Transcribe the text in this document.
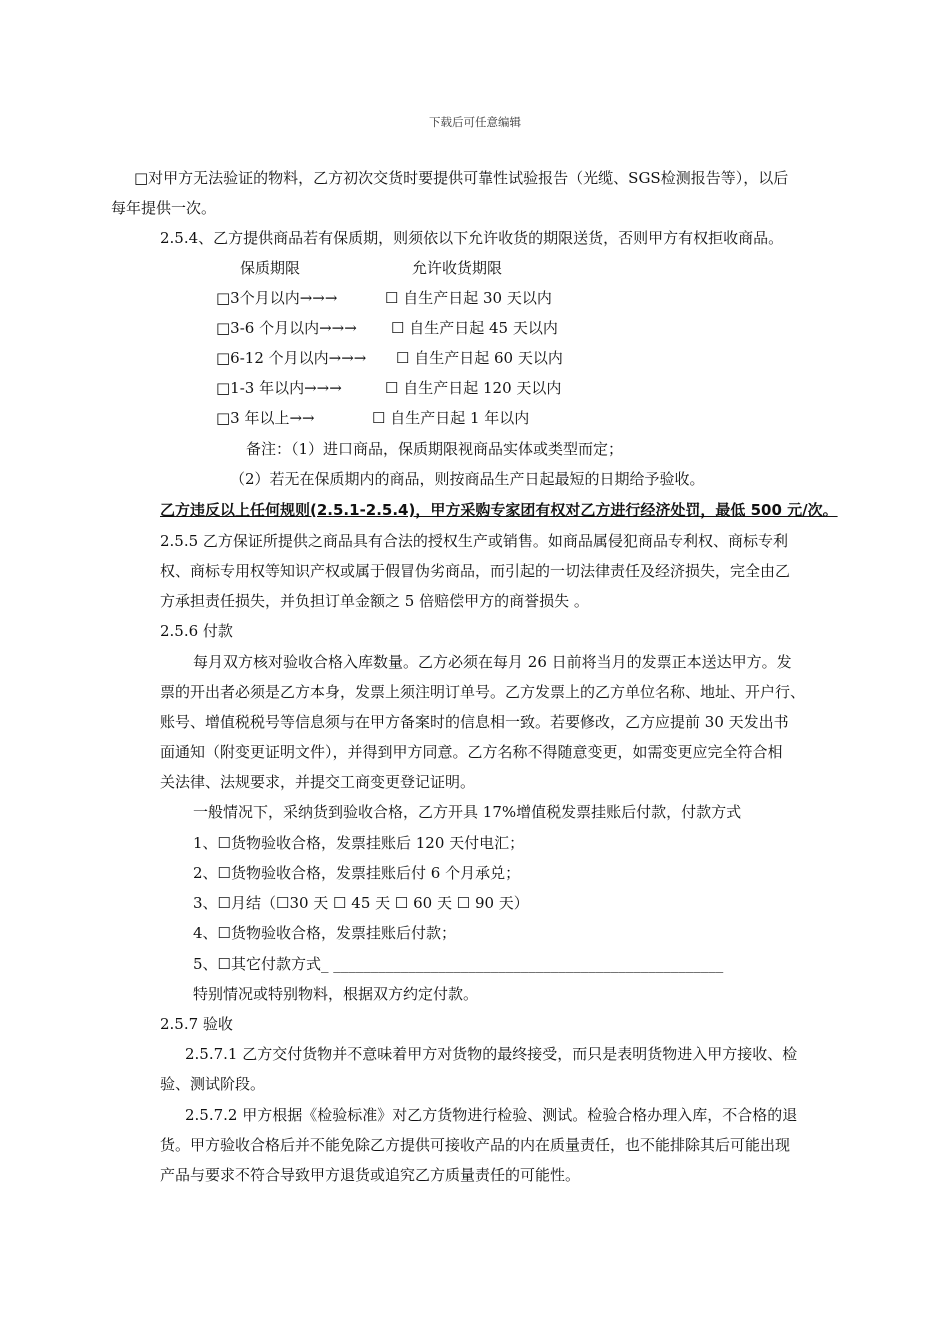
下载后可任意编辑
□对甲方无法验证的物料，乙方初次交货时要提供可靠性试验报告（光缆、SGS检测报告等），以后
每年提供一次。
2.5.4、乙方提供商品若有保质期，则须依以下允许收货的期限送货，否则甲方有权拒收商品。
保质期限	允许收货期限
□3个月以内→→→	☐ 自生产日起 30 天以内
□3-6 个月以内→→→ ☐ 自生产日起 45 天以内
□6-12 个月以内→→→ ☐ 自生产日起 60 天以内
□1-3 年以内→→→	☐ 自生产日起 120 天以内
□3 年以上→→	☐ 自生产日起 1 年以内
备注：（1）进口商品，保质期限视商品实体或类型而定；
（2）若无在保质期内的商品，则按商品生产日起最短的日期给予验收。
乙方违反以上任何规则(2.5.1-2.5.4)，甲方采购专家团有权对乙方进行经济处罚，最低 500 元/次。
2.5.5 乙方保证所提供之商品具有合法的授权生产或销售。如商品属侵犯商品专利权、商标专利
权、商标专用权等知识产权或属于假冒伪劣商品，而引起的一切法律责任及经济损失，完全由乙
方承担责任损失，并负担订单金额之 5 倍赔偿甲方的商誉损失 。
2.5.6 付款
每月双方核对验收合格入库数量。乙方必须在每月 26 日前将当月的发票正本送达甲方。发
票的开出者必须是乙方本身，发票上须注明订单号。乙方发票上的乙方单位名称、地址、开户行、
账号、增值税税号等信息须与在甲方备案时的信息相一致。若要修改，乙方应提前 30 天发出书
面通知（附变更证明文件），并得到甲方同意。乙方名称不得随意变更，如需变更应完全符合相
关法律、法规要求，并提交工商变更登记证明。
一般情况下，采纳货到验收合格，乙方开具 17%增值税发票挂账后付款，付款方式
1、☐货物验收合格，发票挂账后 120 天付电汇；
2、☐货物验收合格，发票挂账后付 6 个月承兑；
3、☐月结（☐30 天 ☐ 45 天 ☐ 60 天 ☐ 90 天）
4、☐货物验收合格，发票挂账后付款；
5、☐其它付款方式_ ____________________________________________________
特别情况或特别物料，根据双方约定付款。
2.5.7 验收
2.5.7.1 乙方交付货物并不意味着甲方对货物的最终接受，而只是表明货物进入甲方接收、检
验、测试阶段。
2.5.7.2 甲方根据《检验标准》对乙方货物进行检验、测试。检验合格办理入库，不合格的退
货。甲方验收合格后并不能免除乙方提供可接收产品的内在质量责任，也不能排除其后可能出现
产品与要求不符合导致甲方退货或追究乙方质量责任的可能性。
